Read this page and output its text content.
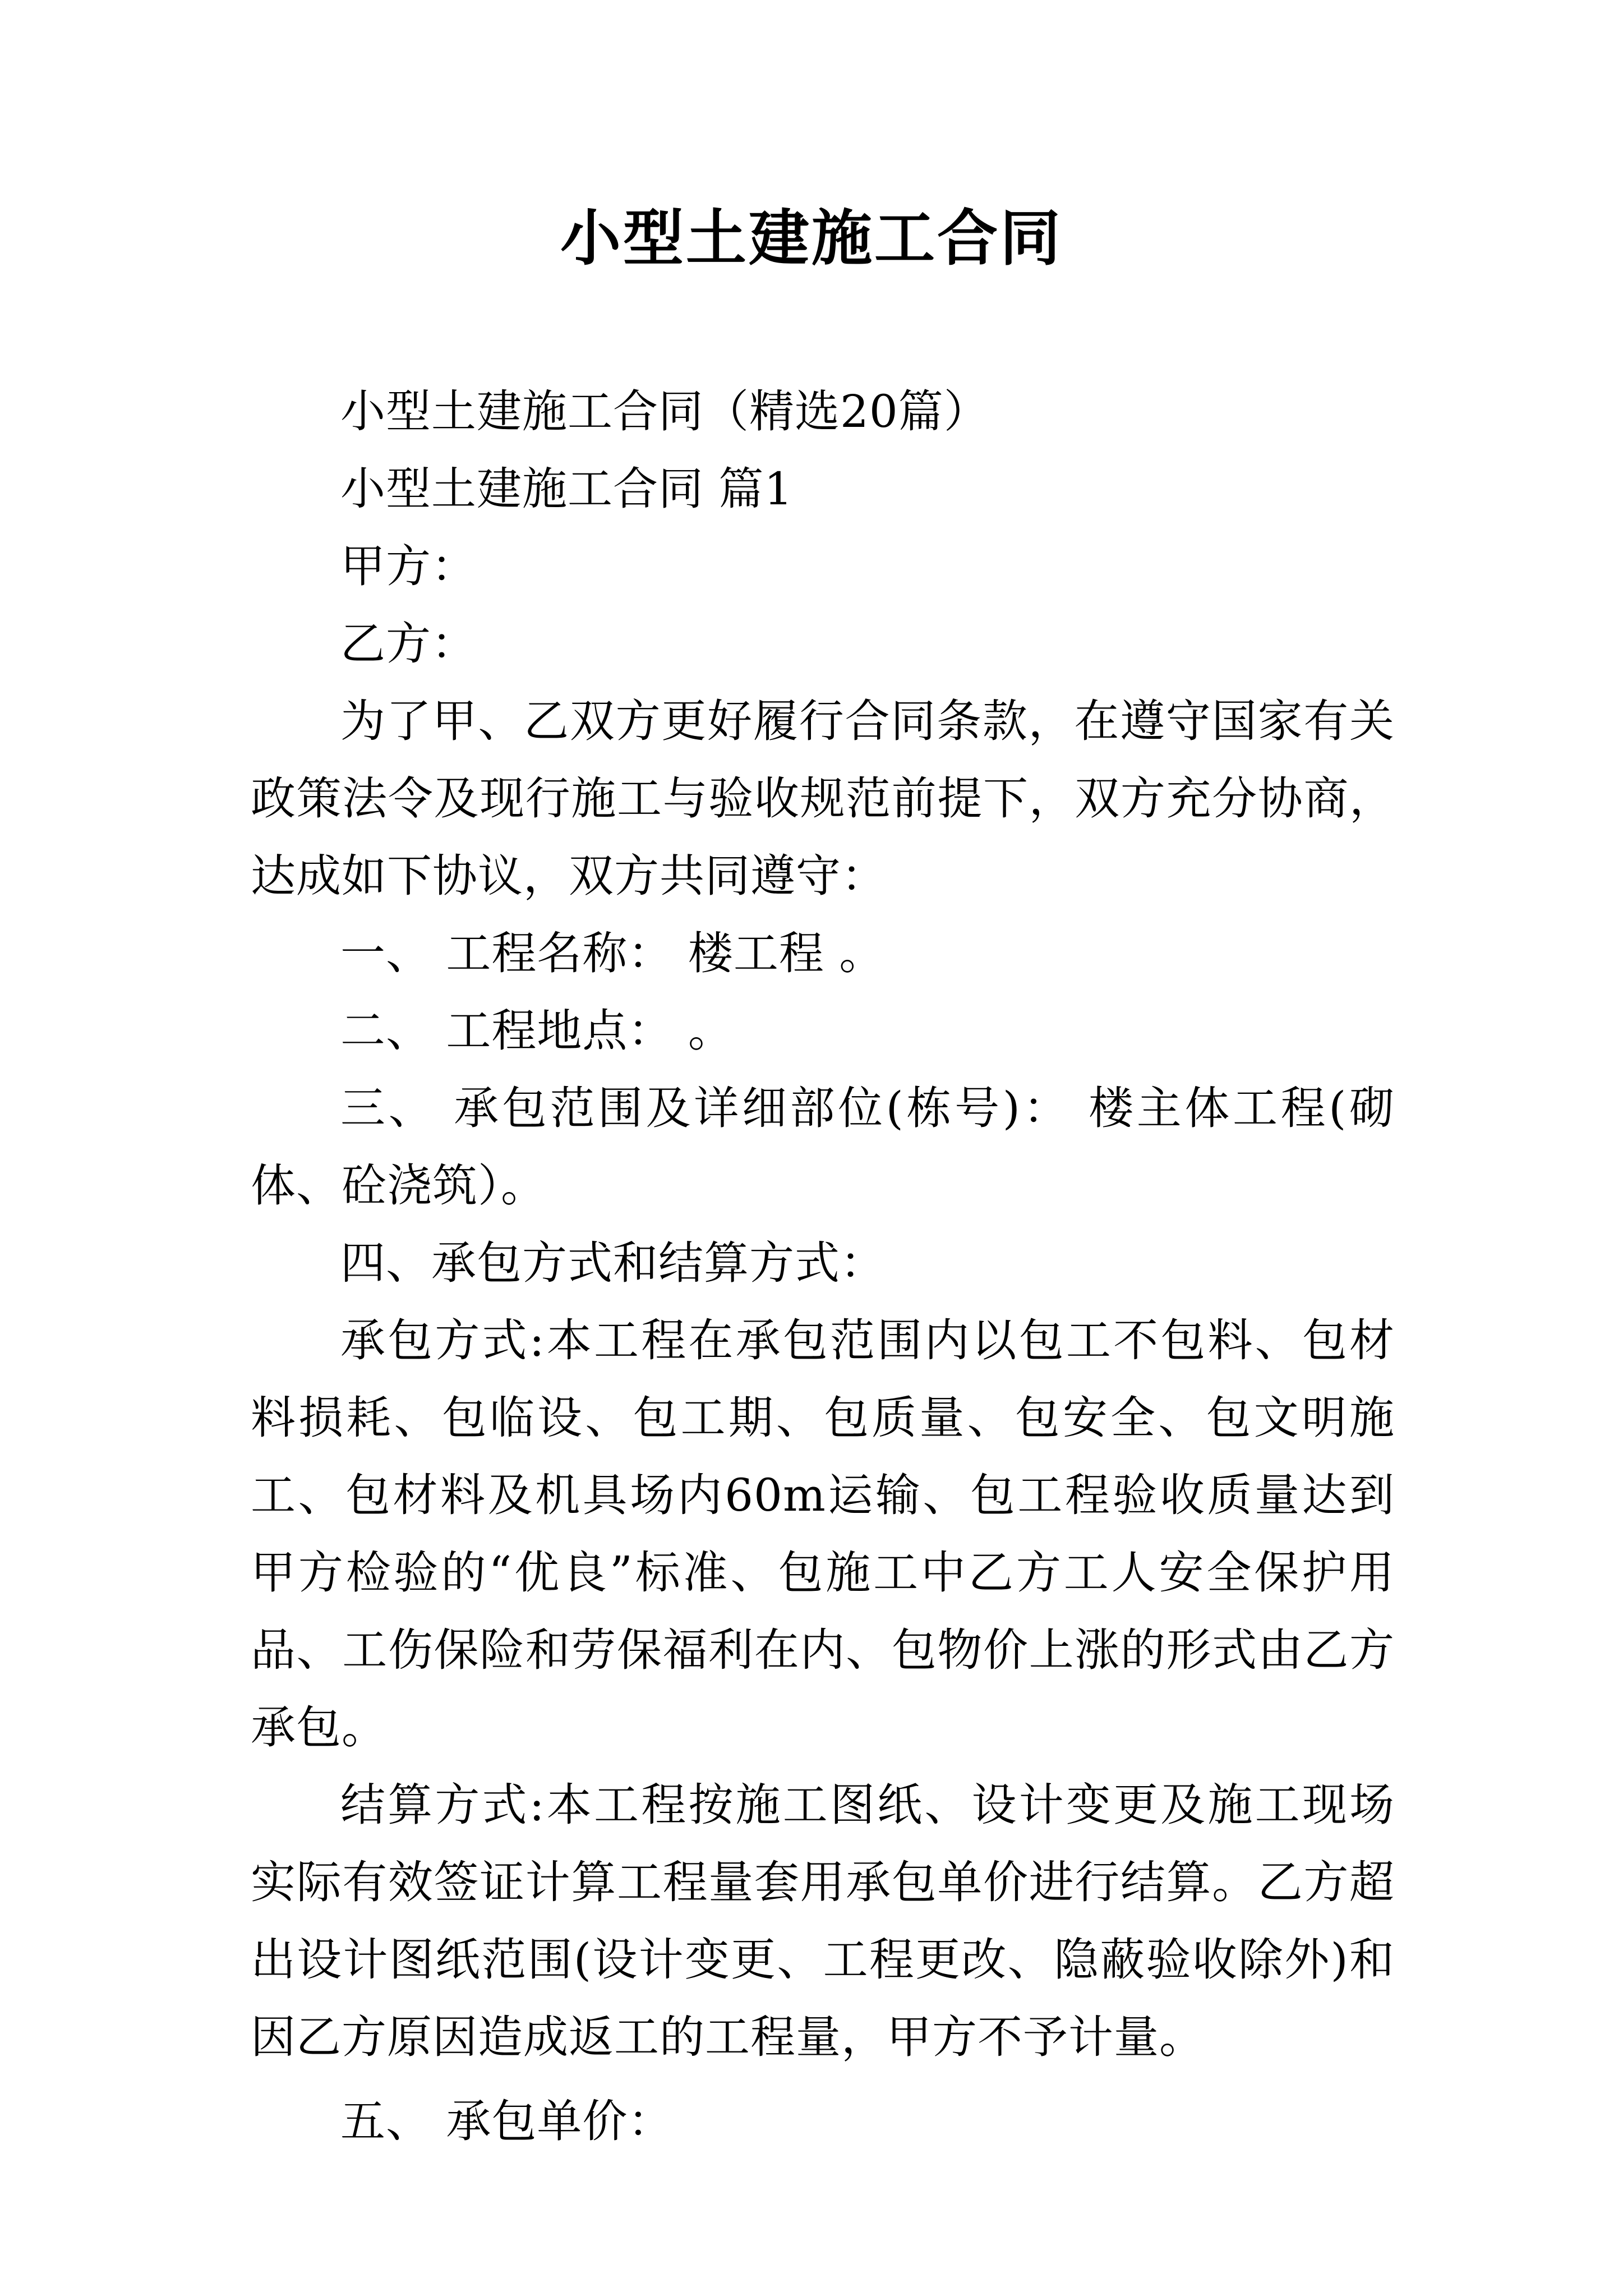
小型土建施工合同

小型土建施工合同（精选20篇）

小型土建施工合同 篇1

甲方：

乙方：

为了甲、乙双方更好履行合同条款，在遵守国家有关政策法令及现行施工与验收规范前提下，双方充分协商，达成如下协议，双方共同遵守：

一、 工程名称： 楼工程 。

二、 工程地点： 。

三、 承包范围及详细部位(栋号)： 楼主体工程(砌体、砼浇筑）。

四、承包方式和结算方式：

承包方式:本工程在承包范围内以包工不包料、包材料损耗、包临设、包工期、包质量、包安全、包文明施工、包材料及机具场内60m运输、包工程验收质量达到甲方检验的“优良”标准、包施工中乙方工人安全保护用品、工伤保险和劳保福利在内、包物价上涨的形式由乙方承包。

结算方式:本工程按施工图纸、设计变更及施工现场实际有效签证计算工程量套用承包单价进行结算。乙方超出设计图纸范围(设计变更、工程更改、隐蔽验收除外)和因乙方原因造成返工的工程量，甲方不予计量。

五、 承包单价：
